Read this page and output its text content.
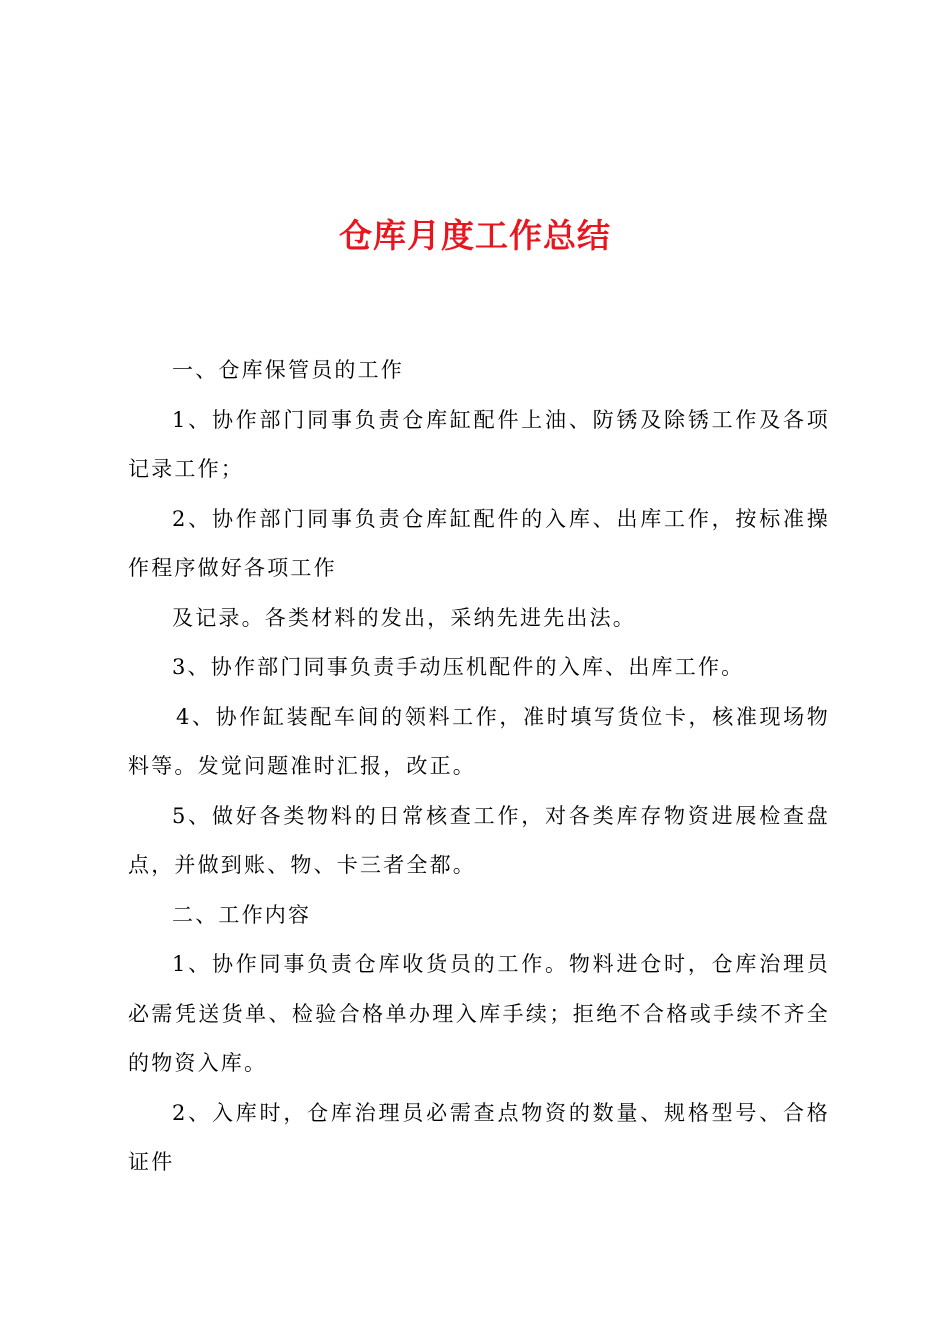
仓库月度工作总结

一、仓库保管员的工作

1、协作部门同事负责仓库缸配件上油、防锈及除锈工作及各项记录工作；

2、协作部门同事负责仓库缸配件的入库、出库工作，按标准操作程序做好各项工作

及记录。各类材料的发出，采纳先进先出法。

3、协作部门同事负责手动压机配件的入库、出库工作。

4、协作缸装配车间的领料工作，准时填写货位卡，核准现场物料等。发觉问题准时汇报，改正。

5、做好各类物料的日常核查工作，对各类库存物资进展检查盘点，并做到账、物、卡三者全都。

二、工作内容

1、协作同事负责仓库收货员的工作。物料进仓时，仓库治理员必需凭送货单、检验合格单办理入库手续；拒绝不合格或手续不齐全的物资入库。

2、入库时，仓库治理员必需查点物资的数量、规格型号、合格证件
